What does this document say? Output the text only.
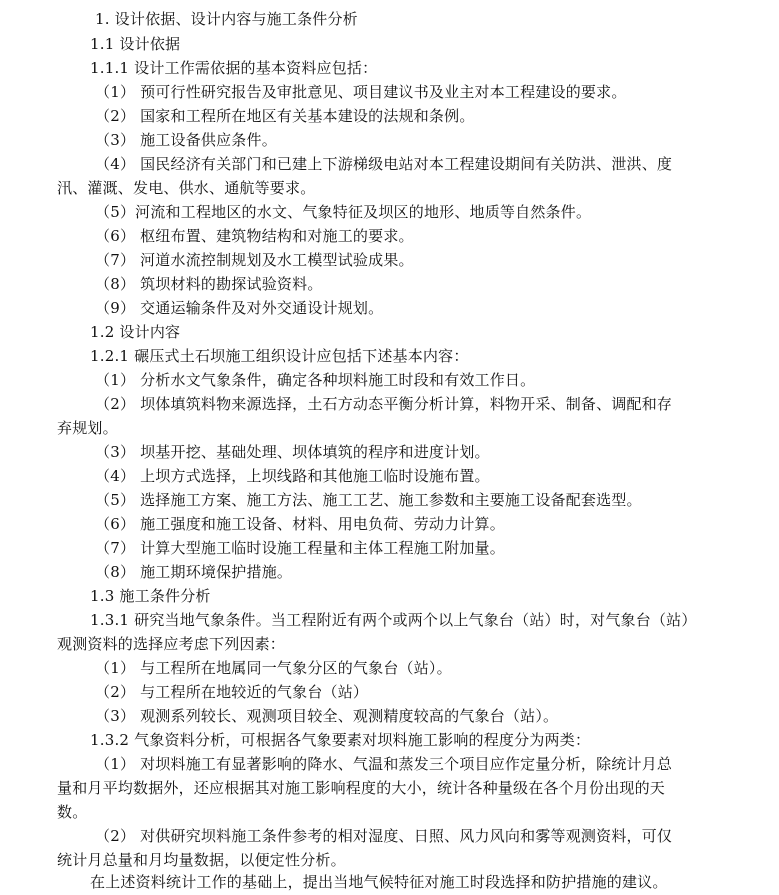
1. 设计依据、设计内容与施工条件分析
1.1 设计依据
1.1.1 设计工作需依据的基本资料应包括：
（1） 预可行性研究报告及审批意见、项目建议书及业主对本工程建设的要求。
（2） 国家和工程所在地区有关基本建设的法规和条例。
（3） 施工设备供应条件。
（4） 国民经济有关部门和已建上下游梯级电站对本工程建设期间有关防洪、泄洪、度
汛、灌溉、发电、供水、通航等要求。
（5）河流和工程地区的水文、气象特征及坝区的地形、地质等自然条件。
（6） 枢纽布置、建筑物结构和对施工的要求。
（7） 河道水流控制规划及水工模型试验成果。
（8） 筑坝材料的勘探试验资料。
（9） 交通运输条件及对外交通设计规划。
1.2 设计内容
1.2.1 碾压式土石坝施工组织设计应包括下述基本内容：
（1） 分析水文气象条件，确定各种坝料施工时段和有效工作日。
（2） 坝体填筑料物来源选择，土石方动态平衡分析计算，料物开采、制备、调配和存
弃规划。
（3） 坝基开挖、基础处理、坝体填筑的程序和进度计划。
（4） 上坝方式选择，上坝线路和其他施工临时设施布置。
（5） 选择施工方案、施工方法、施工工艺、施工参数和主要施工设备配套选型。
（6） 施工强度和施工设备、材料、用电负荷、劳动力计算。
（7） 计算大型施工临时设施工程量和主体工程施工附加量。
（8） 施工期环境保护措施。
1.3 施工条件分析
1.3.1 研究当地气象条件。当工程附近有两个或两个以上气象台（站）时，对气象台（站）
观测资料的选择应考虑下列因素：
（1） 与工程所在地属同一气象分区的气象台（站）。
（2） 与工程所在地较近的气象台（站）
（3） 观测系列较长、观测项目较全、观测精度较高的气象台（站）。
1.3.2 气象资料分析，可根据各气象要素对坝料施工影响的程度分为两类：
（1） 对坝料施工有显著影响的降水、气温和蒸发三个项目应作定量分析，除统计月总
量和月平均数据外，还应根据其对施工影响程度的大小，统计各种量级在各个月份出现的天
数。
（2） 对供研究坝料施工条件参考的相对湿度、日照、风力风向和雾等观测资料，可仅
统计月总量和月均量数据，以便定性分析。
在上述资料统计工作的基础上，提出当地气候特征对施工时段选择和防护措施的建议。
